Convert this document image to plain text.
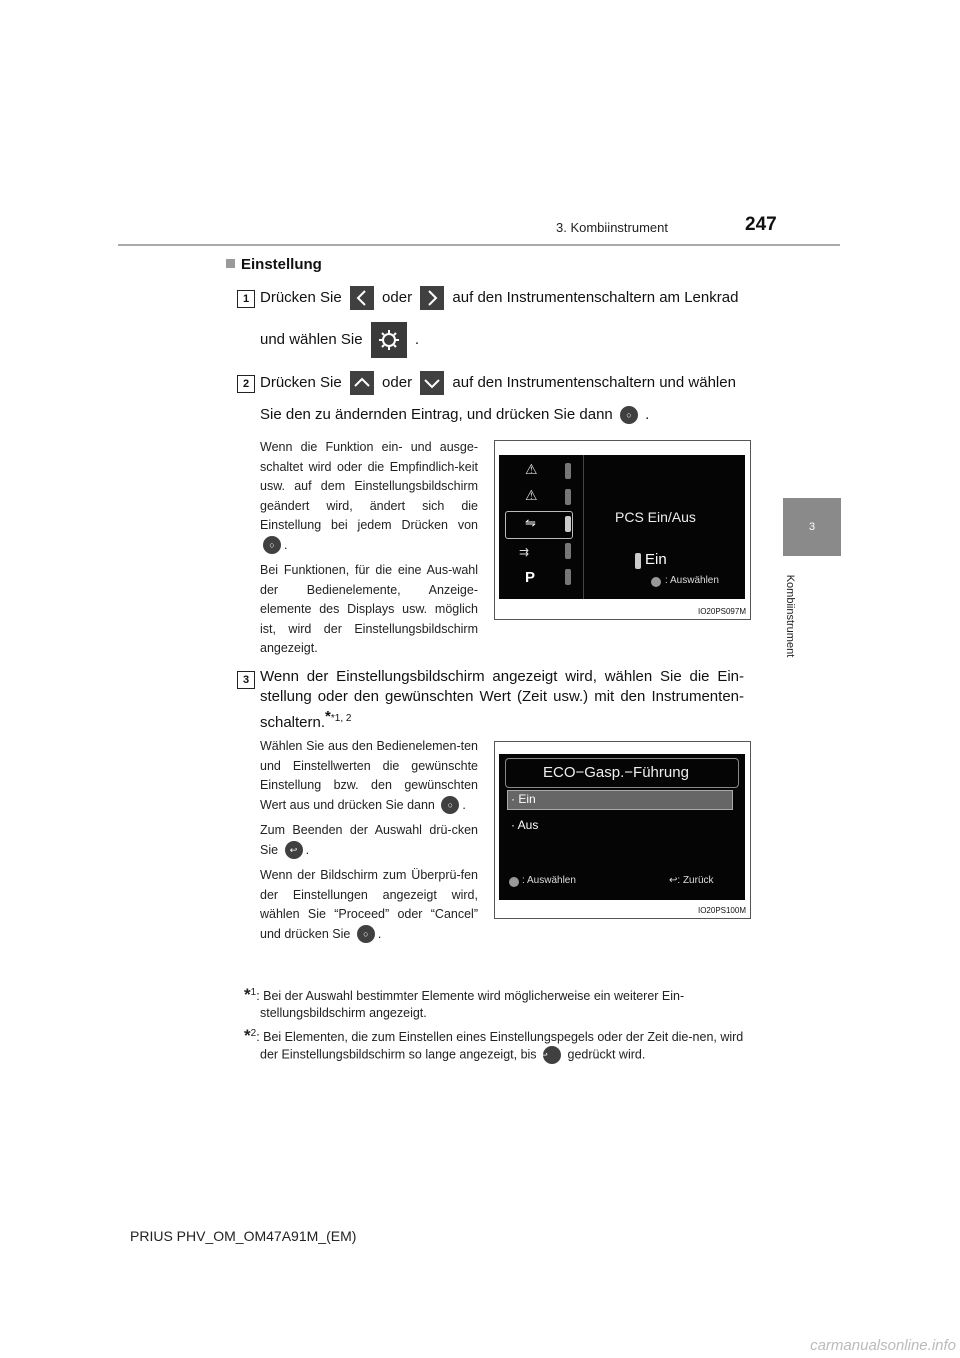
3. Kombiinstrument	247
3
Kombiinstrument
Einstellung
1 Drücken Sie	oder	auf den Instrumentenschaltern am Lenkrad
und wählen Sie	.
2 Drücken Sie	oder	auf den Instrumentenschaltern und wählen
Sie den zu ändernden Eintrag, und drücken Sie dann ○ .
Wenn die Funktion ein- und ausge-schaltet wird oder die Empfindlich-keit usw. auf dem Einstellungsbildschirm geändert wird, ändert sich die Einstellung bei jedem Drücken von ○ .
Bei Funktionen, für die eine Aus-wahl der Bedienelemente, Anzeige-elemente des Displays usw. möglich ist, wird der Einstellungsbildschirm angezeigt.
⚠
⚠
⇋
⇉
P
PCS Ein/Aus
Ein
: Auswählen
IO20PS097M
3 Wenn der Einstellungsbildschirm angezeigt wird, wählen Sie die Ein-stellung oder den gewünschten Wert (Zeit usw.) mit den Instrumenten-schaltern.$^{**1, 2}$
Wählen Sie aus den Bedienelemen-ten und Einstellwerten die gewünschte Einstellung bzw. den gewünschten Wert aus und drücken Sie dann ○ .
Zum Beenden der Auswahl drü-cken Sie ↩ .
Wenn der Bildschirm zum Überprü-fen der Einstellungen angezeigt wird, wählen Sie “Proceed” oder “Cancel” und drücken Sie ○ .
ECO−Gasp.−Führung
· Ein
· Aus
: Auswählen	↩: Zurück
IO20PS100M
*$^1$: Bei der Auswahl bestimmter Elemente wird möglicherweise ein weiterer Ein-stellungsbildschirm angezeigt.
*$^2$: Bei Elementen, die zum Einstellen eines Einstellungspegels oder der Zeit die-nen, wird der Einstellungsbildschirm so lange angezeigt, bis ↩ gedrückt wird.
PRIUS PHV_OM_OM47A91M_(EM)
carmanualsonline.info
